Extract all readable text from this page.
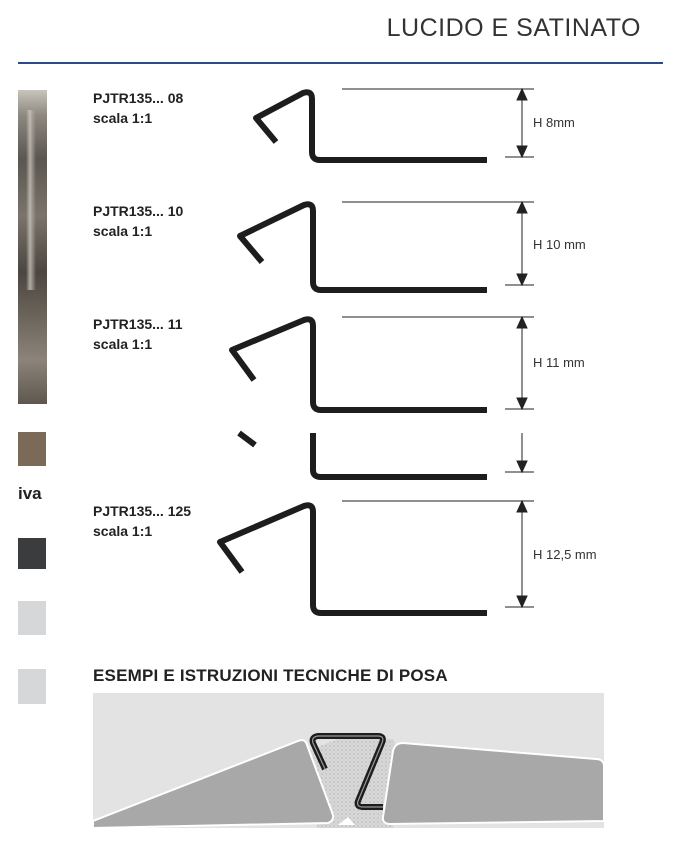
LUCIDO E SATINATO
iva
PJTR135... 08
scala 1:1
PJTR135... 10
scala 1:1
PJTR135... 11
scala 1:1
PJTR135... 125
scala 1:1
H 8mm
H 10 mm
H 11 mm
H 12,5 mm
ESEMPI E ISTRUZIONI TECNICHE DI POSA
